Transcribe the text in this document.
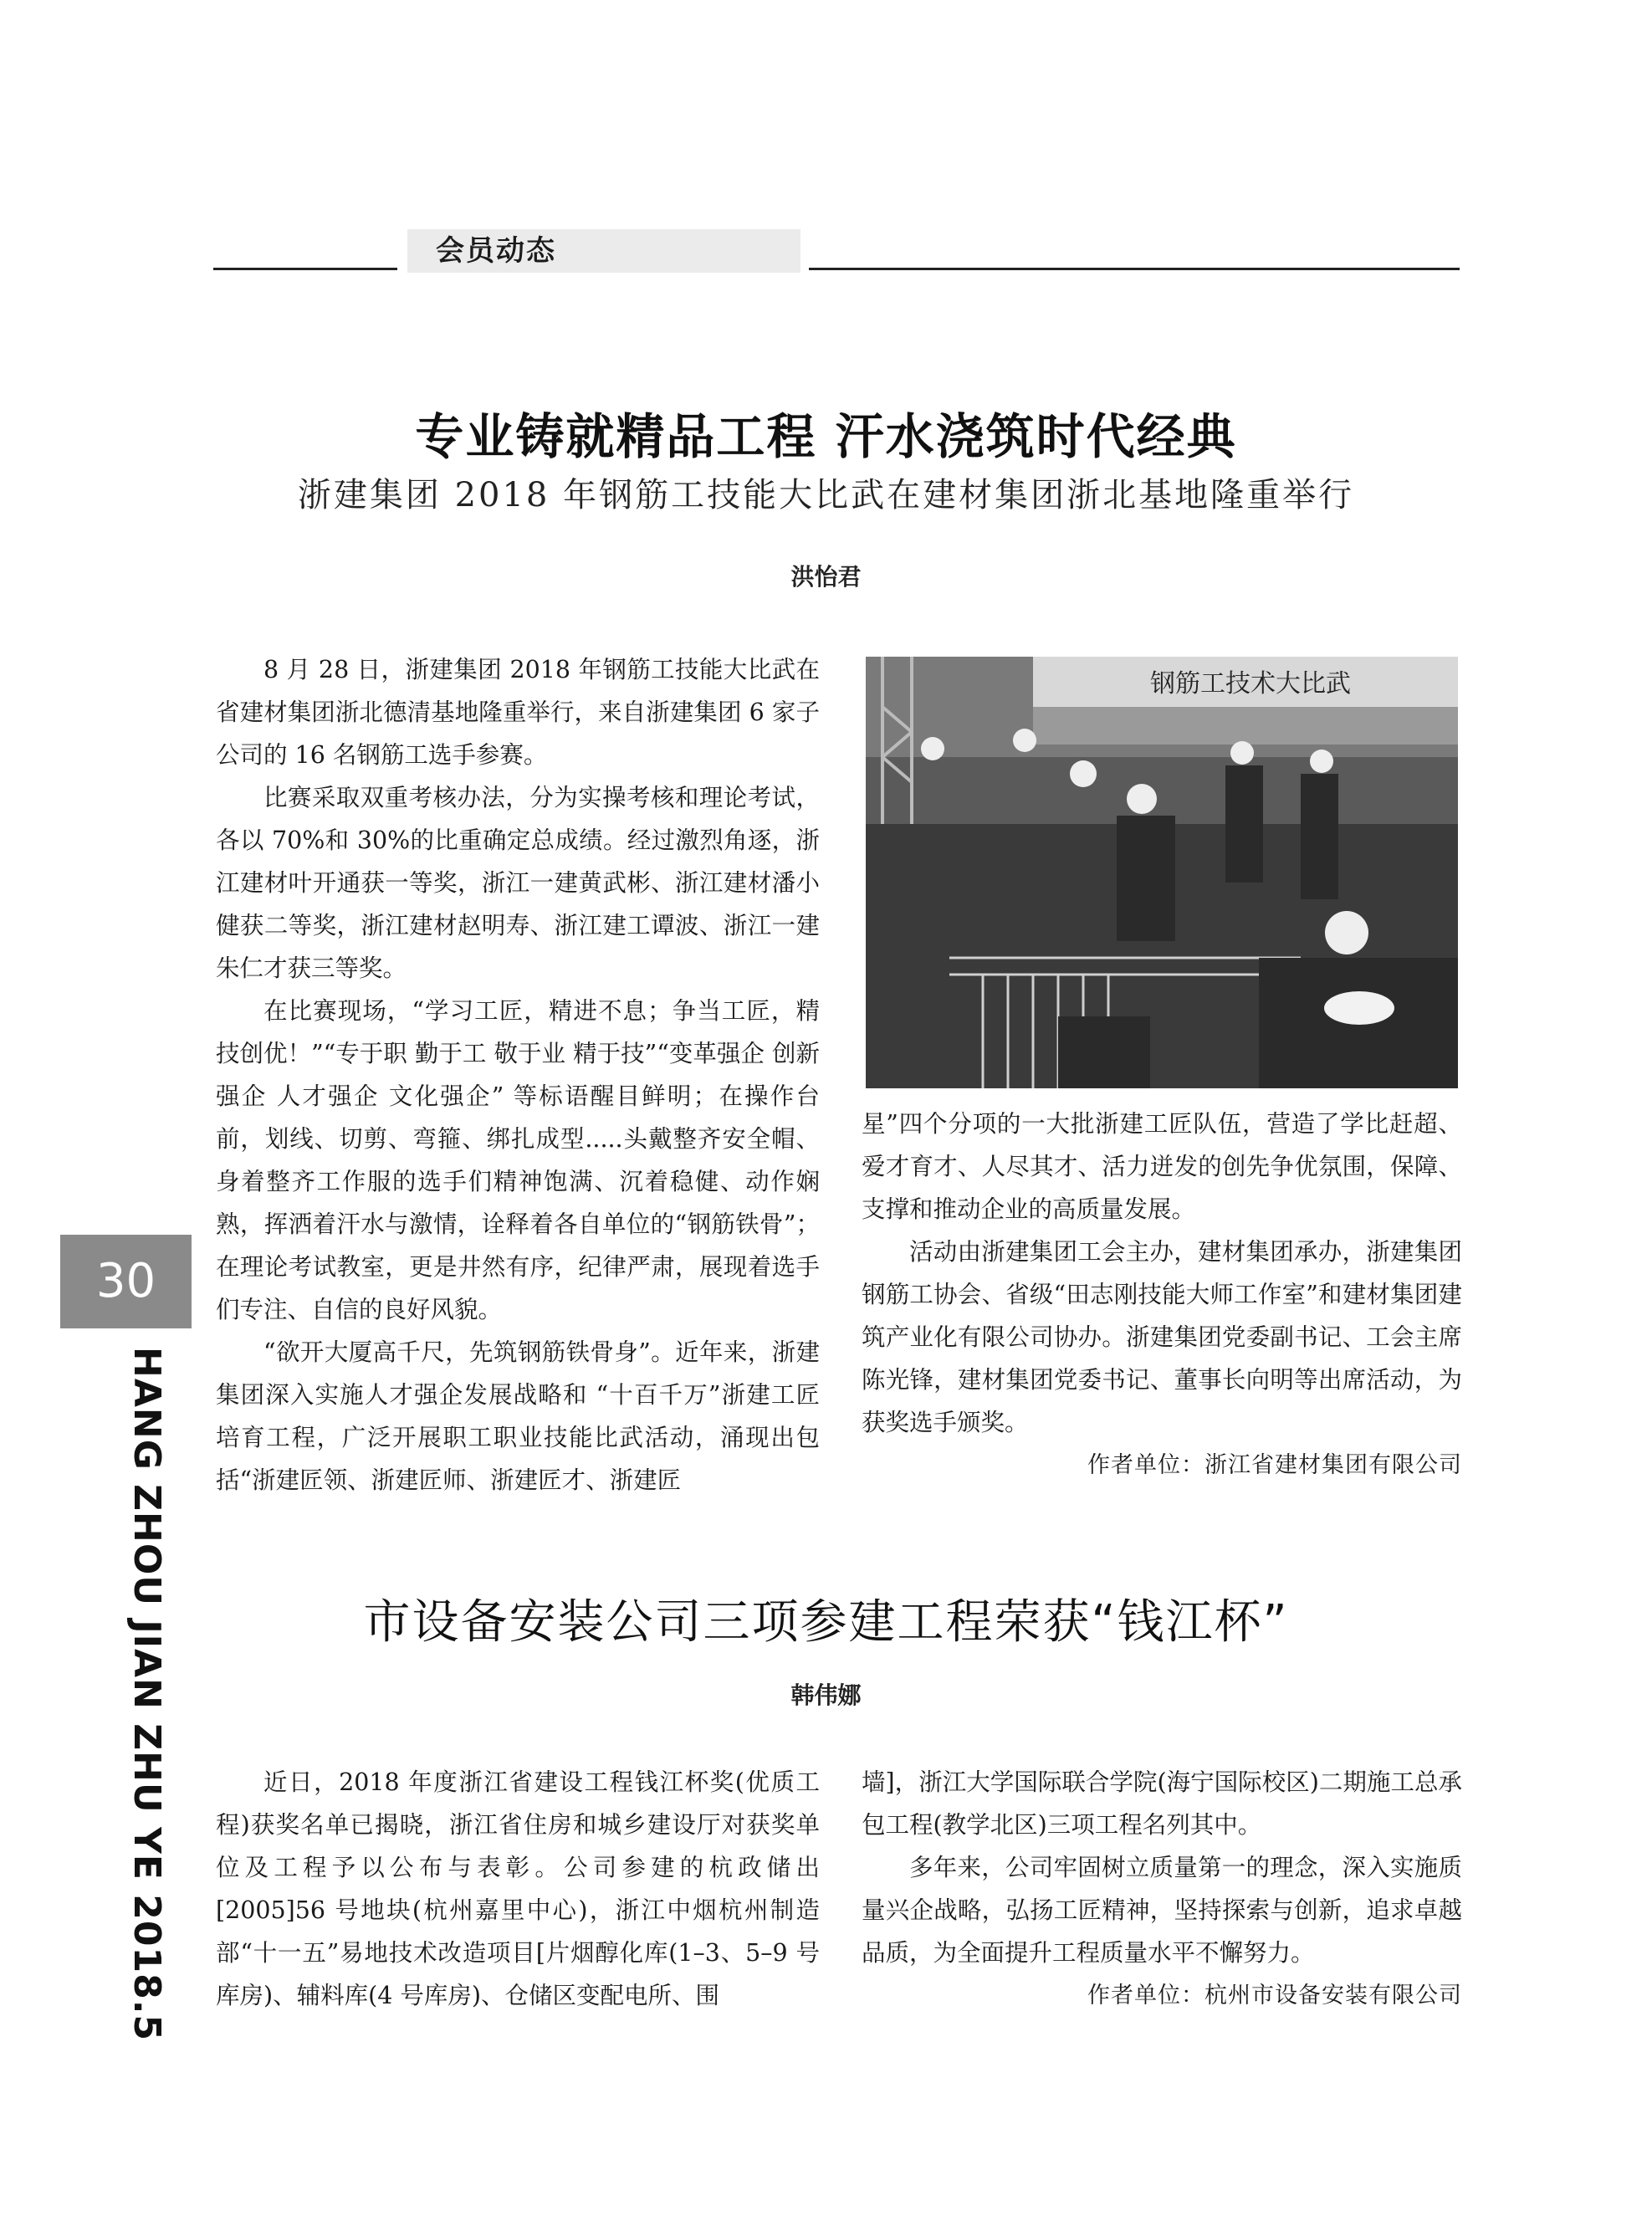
会员动态
专业铸就精品工程 汗水浇筑时代经典
浙建集团 2018 年钢筋工技能大比武在建材集团浙北基地隆重举行
洪怡君

8 月 28 日，浙建集团 2018 年钢筋工技能大比武在省建材集团浙北德清基地隆重举行，来自浙建集团 6 家子公司的 16 名钢筋工选手参赛。

比赛采取双重考核办法，分为实操考核和理论考试，各以 70%和 30%的比重确定总成绩。经过激烈角逐，浙江建材叶开通获一等奖，浙江一建黄武彬、浙江建材潘小健获二等奖，浙江建材赵明寿、浙江建工谭波、浙江一建朱仁才获三等奖。

在比赛现场，“学习工匠，精进不息；争当工匠，精技创优！”“专于职 勤于工 敬于业 精于技”“变革强企 创新强企 人才强企 文化强企” 等标语醒目鲜明；在操作台前，划线、切剪、弯箍、绑扎成型.....头戴整齐安全帽、身着整齐工作服的选手们精神饱满、沉着稳健、动作娴熟，挥洒着汗水与激情，诠释着各自单位的“钢筋铁骨”；在理论考试教室，更是井然有序，纪律严肃，展现着选手们专注、自信的良好风貌。

“欲开大厦高千尺，先筑钢筋铁骨身”。近年来，浙建集团深入实施人才强企发展战略和 “十百千万”浙建工匠培育工程，广泛开展职工职业技能比武活动，涌现出包括“浙建匠领、浙建匠师、浙建匠才、浙建匠

钢筋工技术大比武

星”四个分项的一大批浙建工匠队伍，营造了学比赶超、爱才育才、人尽其才、活力迸发的创先争优氛围，保障、支撑和推动企业的高质量发展。

活动由浙建集团工会主办，建材集团承办，浙建集团钢筋工协会、省级“田志刚技能大师工作室”和建材集团建筑产业化有限公司协办。浙建集团党委副书记、工会主席陈光锋，建材集团党委书记、董事长向明等出席活动，为获奖选手颁奖。

作者单位：浙江省建材集团有限公司

30
HANG ZHOU JIAN ZHU YE 2018.5	市设备安装公司三项参建工程荣获“钱江杯”
韩伟娜

近日，2018 年度浙江省建设工程钱江杯奖(优质工程)获奖名单已揭晓，浙江省住房和城乡建设厅对获奖单位及工程予以公布与表彰。公司参建的杭政储出[2005]56 号地块(杭州嘉里中心)，浙江中烟杭州制造部“十一五”易地技术改造项目[片烟醇化库(1–3、5–9 号库房)、辅料库(4 号库房)、仓储区变配电所、围

墙]，浙江大学国际联合学院(海宁国际校区)二期施工总承包工程(教学北区)三项工程名列其中。

多年来，公司牢固树立质量第一的理念，深入实施质量兴企战略，弘扬工匠精神，坚持探索与创新，追求卓越品质，为全面提升工程质量水平不懈努力。

作者单位：杭州市设备安装有限公司
